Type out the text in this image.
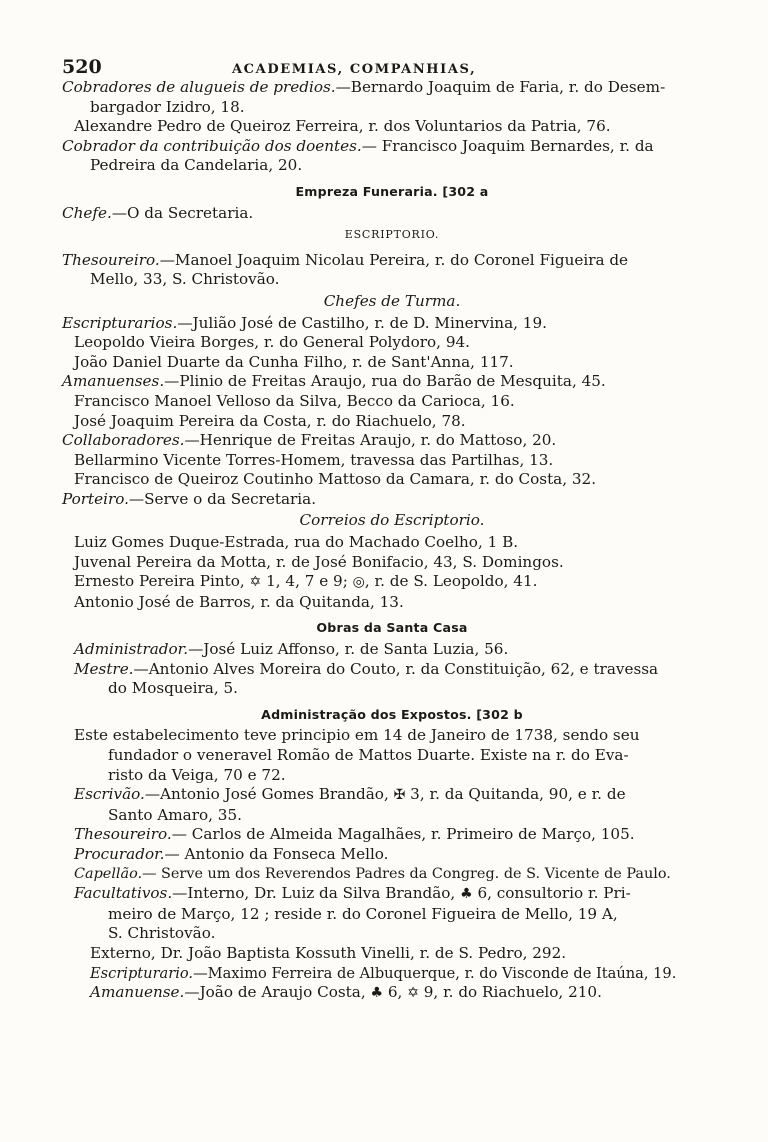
520	ACADEMIAS, COMPANHIAS,
Cobradores de alugueis de predios.—Bernardo Joaquim de Faria, r. do Desem-
bargador Izidro, 18.
Alexandre Pedro de Queiroz Ferreira, r. dos Voluntarios da Patria, 76.
Cobrador da contribuição dos doentes.— Francisco Joaquim Bernardes, r. da
Pedreira da Candelaria, 20.
Empreza Funeraria. [302 a
Chefe.—O da Secretaria.
ESCRIPTORIO.
Thesoureiro.—Manoel Joaquim Nicolau Pereira, r. do Coronel Figueira de
Mello, 33, S. Christovão.
Chefes de Turma.
Escripturarios.—Julião José de Castilho, r. de D. Minervina, 19.
Leopoldo Vieira Borges, r. do General Polydoro, 94.
João Daniel Duarte da Cunha Filho, r. de Sant'Anna, 117.
Amanuenses.—Plinio de Freitas Araujo, rua do Barão de Mesquita, 45.
Francisco Manoel Velloso da Silva, Becco da Carioca, 16.
José Joaquim Pereira da Costa, r. do Riachuelo, 78.
Collaboradores.—Henrique de Freitas Araujo, r. do Mattoso, 20.
Bellarmino Vicente Torres-Homem, travessa das Partilhas, 13.
Francisco de Queiroz Coutinho Mattoso da Camara, r. do Costa, 32.
Porteiro.—Serve o da Secretaria.
Correios do Escriptorio.
Luiz Gomes Duque-Estrada, rua do Machado Coelho, 1 B.
Juvenal Pereira da Motta, r. de José Bonifacio, 43, S. Domingos.
Ernesto Pereira Pinto, ✡ 1, 4, 7 e 9; ◎, r. de S. Leopoldo, 41.
Antonio José de Barros, r. da Quitanda, 13.
Obras da Santa Casa
Administrador.—José Luiz Affonso, r. de Santa Luzia, 56.
Mestre.—Antonio Alves Moreira do Couto, r. da Constituição, 62, e travessa
do Mosqueira, 5.
Administração dos Expostos. [302 b
Este estabelecimento teve principio em 14 de Janeiro de 1738, sendo seu
fundador o veneravel Romão de Mattos Duarte. Existe na r. do Eva-
risto da Veiga, 70 e 72.
Escrivão.—Antonio José Gomes Brandão, ✠ 3, r. da Quitanda, 90, e r. de
Santo Amaro, 35.
Thesoureiro.— Carlos de Almeida Magalhães, r. Primeiro de Março, 105.
Procurador.— Antonio da Fonseca Mello.
Capellão.— Serve um dos Reverendos Padres da Congreg. de S. Vicente de Paulo.
Facultativos.—Interno, Dr. Luiz da Silva Brandão, ♣ 6, consultorio r. Pri-
meiro de Março, 12 ; reside r. do Coronel Figueira de Mello, 19 A,
S. Christovão.
Externo, Dr. João Baptista Kossuth Vinelli, r. de S. Pedro, 292.
Escripturario.—Maximo Ferreira de Albuquerque, r. do Visconde de Itaúna, 19.
Amanuense.—João de Araujo Costa, ♣ 6, ✡ 9, r. do Riachuelo, 210.
